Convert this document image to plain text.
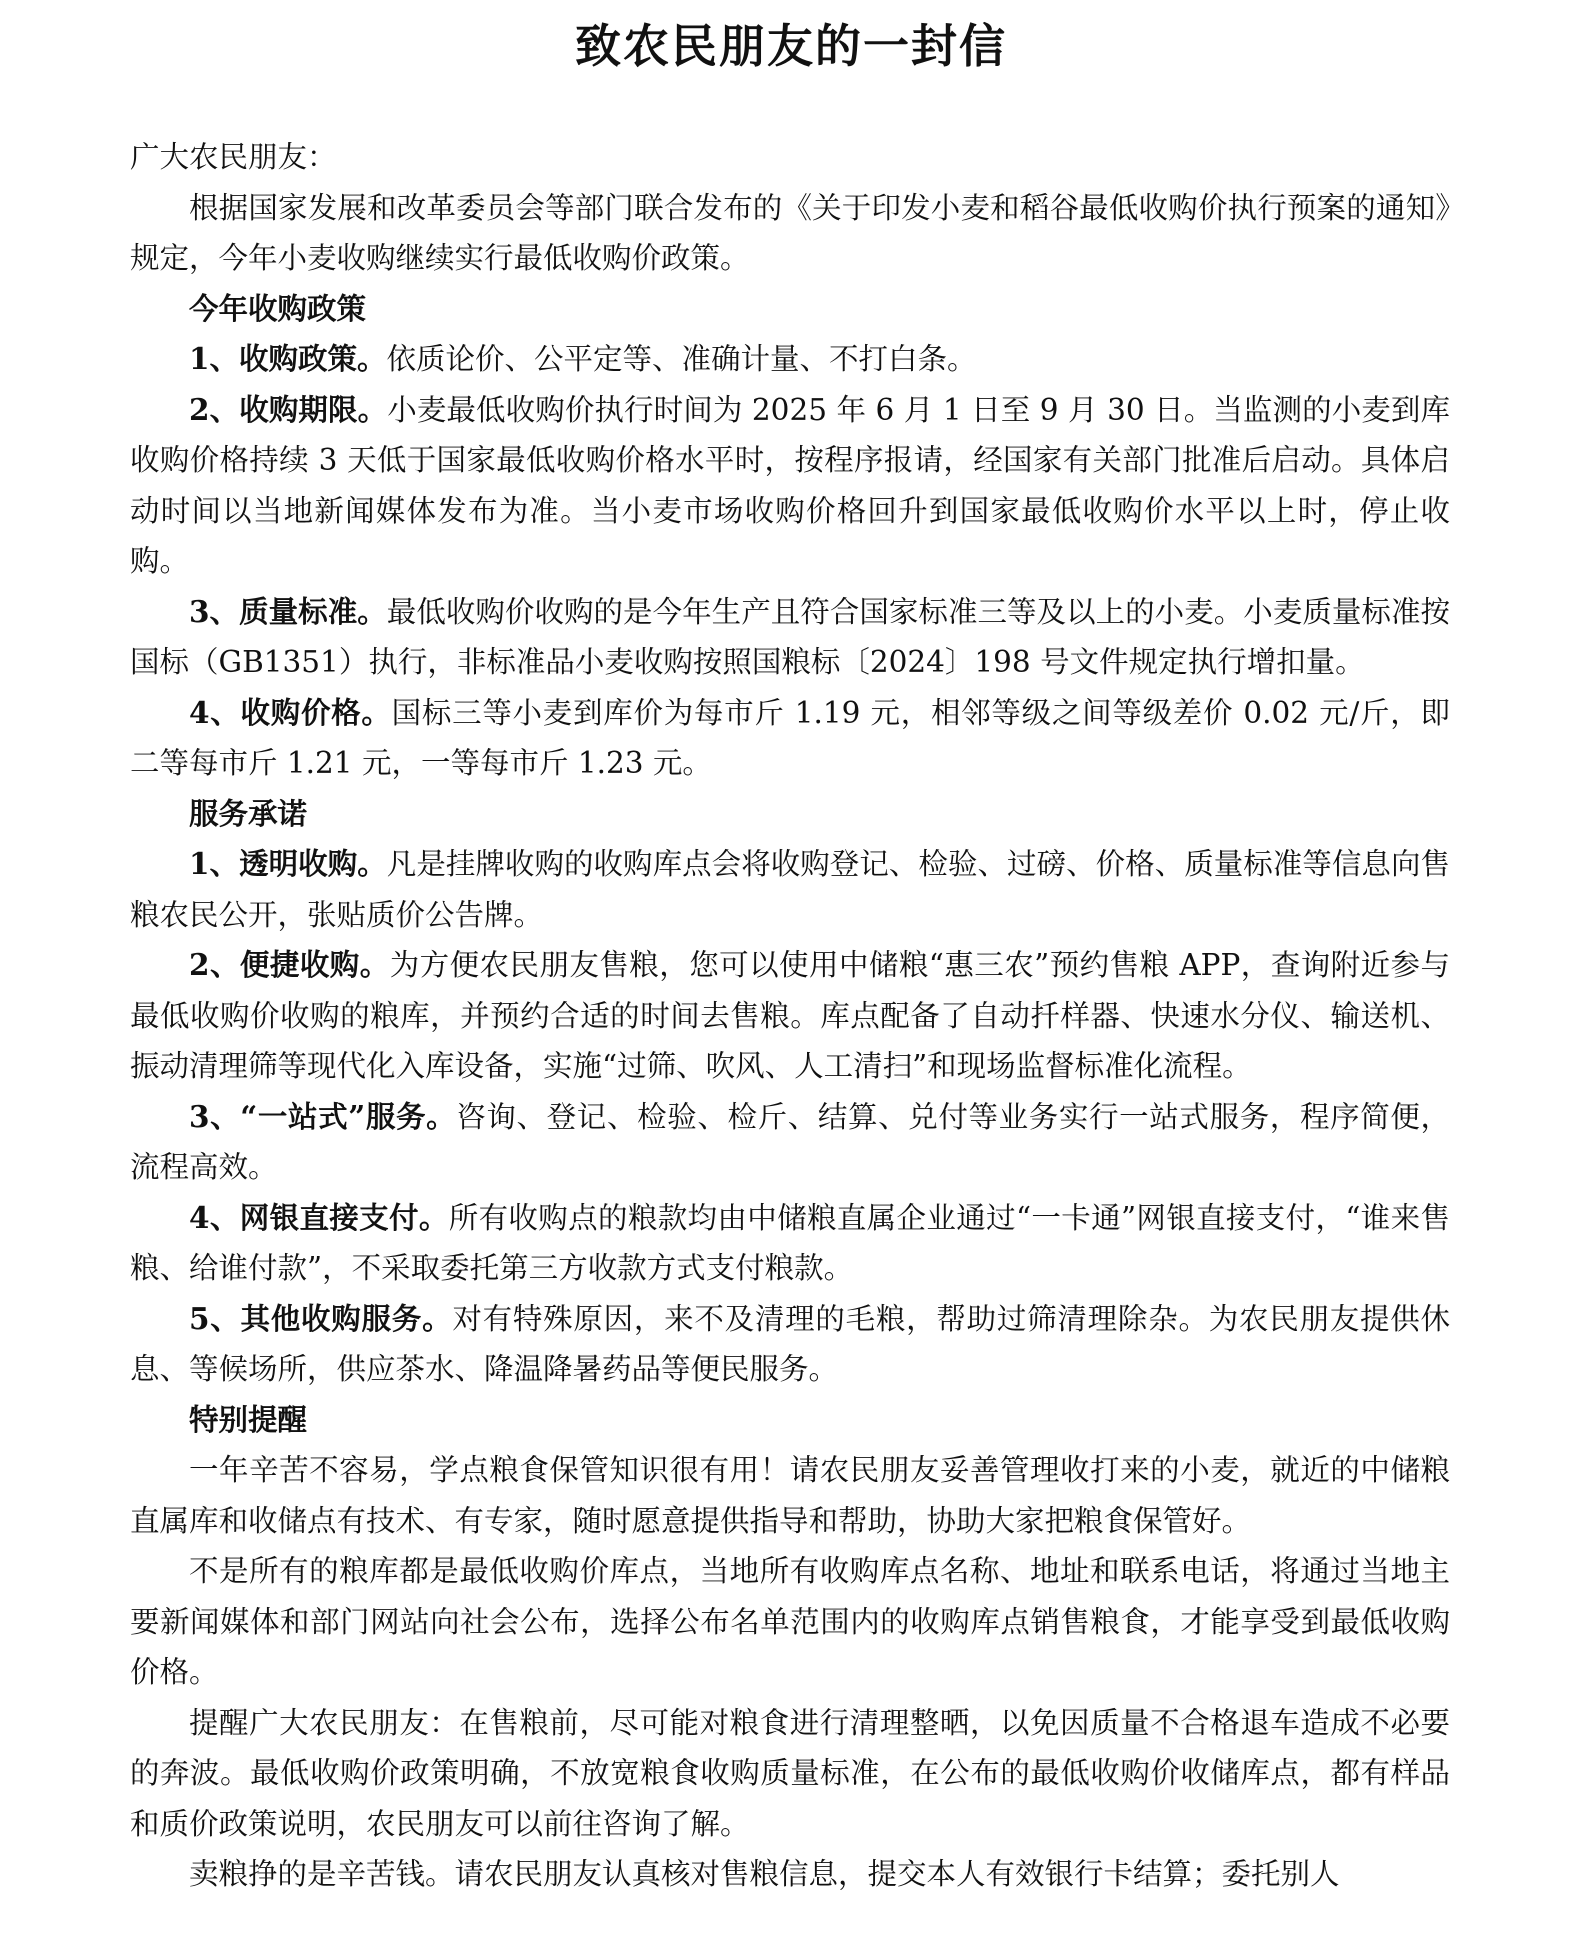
致农民朋友的一封信

广大农民朋友：

根据国家发展和改革委员会等部门联合发布的《关于印发小麦和稻谷最低收购价执行预案的通知》规定，今年小麦收购继续实行最低收购价政策。

今年收购政策

1、收购政策。依质论价、公平定等、准确计量、不打白条。

2、收购期限。小麦最低收购价执行时间为 2025 年 6 月 1 日至 9 月 30 日。当监测的小麦到库收购价格持续 3 天低于国家最低收购价格水平时，按程序报请，经国家有关部门批准后启动。具体启动时间以当地新闻媒体发布为准。当小麦市场收购价格回升到国家最低收购价水平以上时，停止收购。

3、质量标准。最低收购价收购的是今年生产且符合国家标准三等及以上的小麦。小麦质量标准按国标（GB1351）执行，非标准品小麦收购按照国粮标〔2024〕198 号文件规定执行增扣量。

4、收购价格。国标三等小麦到库价为每市斤 1.19 元，相邻等级之间等级差价 0.02 元/斤，即二等每市斤 1.21 元，一等每市斤 1.23 元。

服务承诺

1、透明收购。凡是挂牌收购的收购库点会将收购登记、检验、过磅、价格、质量标准等信息向售粮农民公开，张贴质价公告牌。

2、便捷收购。为方便农民朋友售粮，您可以使用中储粮“惠三农”预约售粮 APP，查询附近参与最低收购价收购的粮库，并预约合适的时间去售粮。库点配备了自动扦样器、快速水分仪、输送机、振动清理筛等现代化入库设备，实施“过筛、吹风、人工清扫”和现场监督标准化流程。

3、“一站式”服务。咨询、登记、检验、检斤、结算、兑付等业务实行一站式服务，程序简便，流程高效。

4、网银直接支付。所有收购点的粮款均由中储粮直属企业通过“一卡通”网银直接支付，“谁来售粮、给谁付款”，不采取委托第三方收款方式支付粮款。

5、其他收购服务。对有特殊原因，来不及清理的毛粮，帮助过筛清理除杂。为农民朋友提供休息、等候场所，供应茶水、降温降暑药品等便民服务。

特别提醒

一年辛苦不容易，学点粮食保管知识很有用！请农民朋友妥善管理收打来的小麦，就近的中储粮直属库和收储点有技术、有专家，随时愿意提供指导和帮助，协助大家把粮食保管好。

不是所有的粮库都是最低收购价库点，当地所有收购库点名称、地址和联系电话，将通过当地主要新闻媒体和部门网站向社会公布，选择公布名单范围内的收购库点销售粮食，才能享受到最低收购价格。

提醒广大农民朋友：在售粮前，尽可能对粮食进行清理整晒，以免因质量不合格退车造成不必要的奔波。最低收购价政策明确，不放宽粮食收购质量标准，在公布的最低收购价收储库点，都有样品和质价政策说明，农民朋友可以前往咨询了解。

卖粮挣的是辛苦钱。请农民朋友认真核对售粮信息，提交本人有效银行卡结算；委托别人
